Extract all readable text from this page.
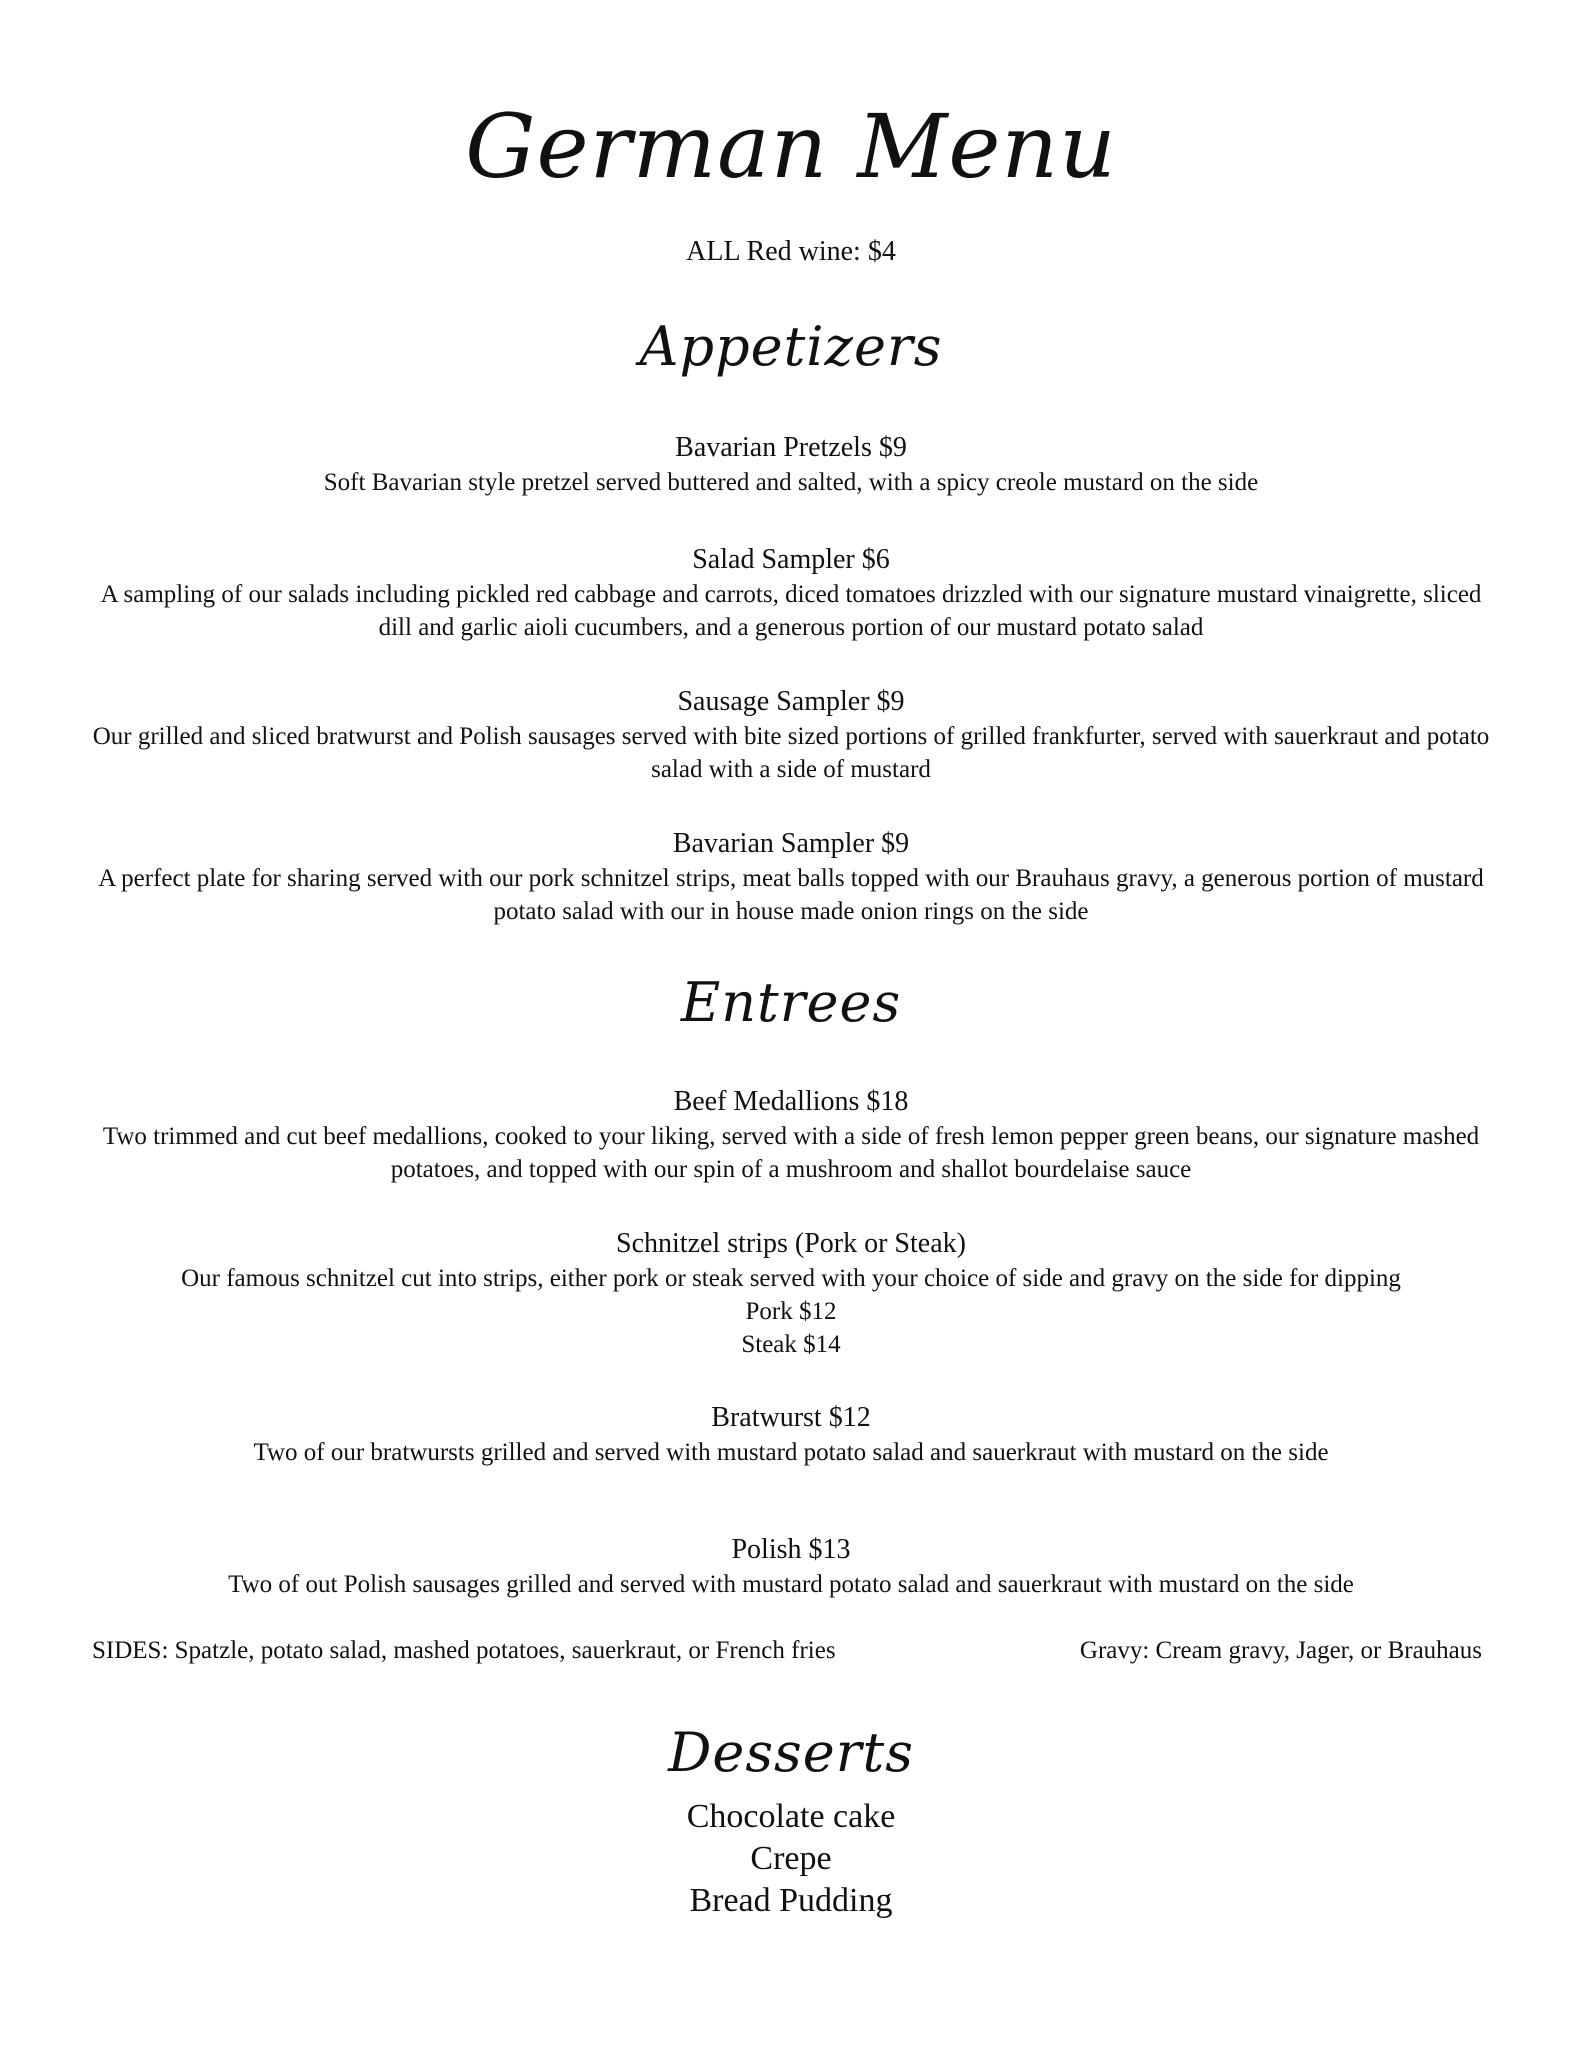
German Menu
ALL Red wine: $4
Appetizers
Bavarian Pretzels $9
Soft Bavarian style pretzel served buttered and salted, with a spicy creole mustard on the side
Salad Sampler $6
A sampling of our salads including pickled red cabbage and carrots, diced tomatoes drizzled with our signature mustard vinaigrette, sliced dill and garlic aioli cucumbers, and a generous portion of our mustard potato salad
Sausage Sampler $9
Our grilled and sliced bratwurst and Polish sausages served with bite sized portions of grilled frankfurter, served with sauerkraut and potato salad with a side of mustard
Bavarian Sampler $9
A perfect plate for sharing served with our pork schnitzel strips, meat balls topped with our Brauhaus gravy, a generous portion of mustard potato salad with our in house made onion rings on the side
Entrees
Beef Medallions $18
Two trimmed and cut beef medallions, cooked to your liking, served with a side of fresh lemon pepper green beans, our signature mashed potatoes, and topped with our spin of a mushroom and shallot bourdelaise sauce
Schnitzel strips (Pork or Steak)
Our famous schnitzel cut into strips, either pork or steak served with your choice of side and gravy on the side for dipping
Pork $12
Steak $14
Bratwurst $12
Two of our bratwursts grilled and served with mustard potato salad and sauerkraut with mustard on the side
Polish $13
Two of out Polish sausages grilled and served with mustard potato salad and sauerkraut with mustard on the side
SIDES: Spatzle, potato salad, mashed potatoes, sauerkraut, or French fries	Gravy: Cream gravy, Jager, or Brauhaus
Desserts
Chocolate cake
Crepe
Bread Pudding
